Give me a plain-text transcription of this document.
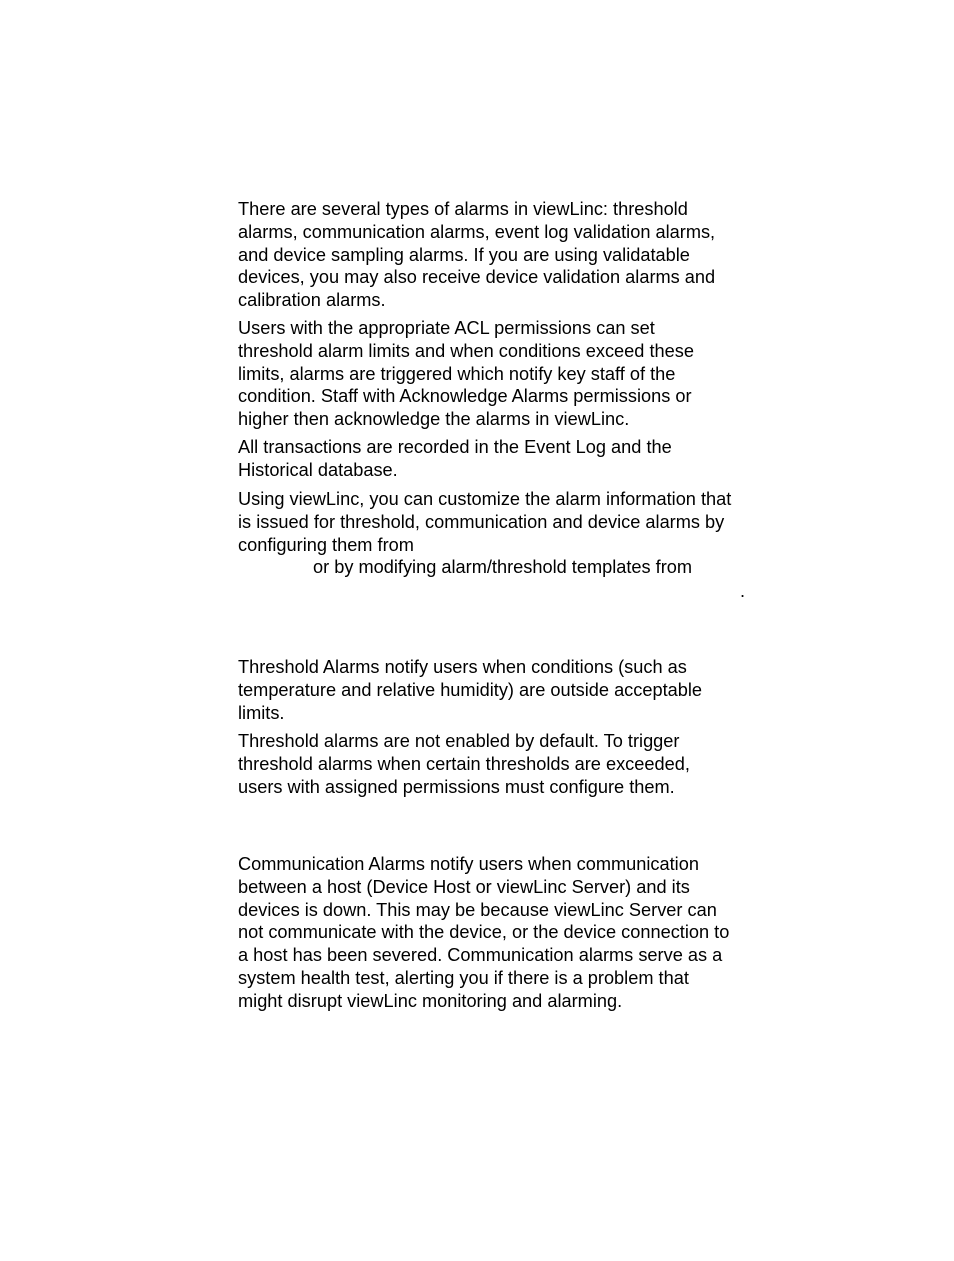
There are several types of alarms in viewLinc: threshold
alarms, communication alarms, event log validation alarms,
and device sampling alarms. If you are using validatable
devices, you may also receive device validation alarms and
calibration alarms.
Users with the appropriate ACL permissions can set
threshold alarm limits and when conditions exceed these
limits, alarms are triggered which notify key staff of the
condition. Staff with Acknowledge Alarms permissions or
higher then acknowledge the alarms in viewLinc.
All transactions are recorded in the Event Log and the
Historical database.
Using viewLinc, you can customize the alarm information that
is issued for threshold, communication and device alarms by
configuring them from
or by modifying alarm/threshold templates from
.
Threshold Alarms notify users when conditions (such as
temperature and relative humidity) are outside acceptable
limits.
Threshold alarms are not enabled by default. To trigger
threshold alarms when certain thresholds are exceeded,
users with assigned permissions must configure them.
Communication Alarms notify users when communication
between a host (Device Host or viewLinc Server) and its
devices is down. This may be because viewLinc Server can
not communicate with the device, or the device connection to
a host has been severed. Communication alarms serve as a
system health test, alerting you if there is a problem that
might disrupt viewLinc monitoring and alarming.
